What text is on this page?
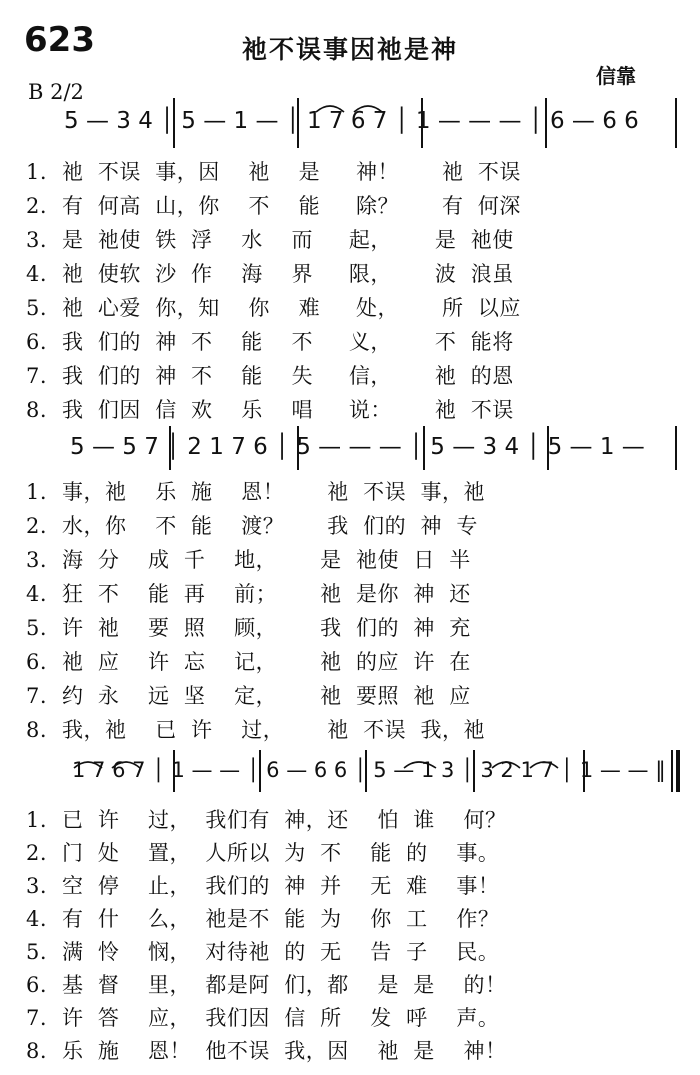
623	祂不误事因祂是神
信靠
B 2/2
5 — 3 4 │ 5 — 1 — │ 1 7 6 7 │ 1 — — — │ 6 — 6 6
1. 祂  不误  事，因    祂    是     神！      祂  不误
2. 有  何高  山，你    不    能     除？      有  何深
3. 是  祂使  铁  浮    水    而     起，      是  祂使
4. 祂  使软  沙  作    海    界     限，      波  浪虽
5. 祂  心爱  你，知    你    难     处，      所  以应
6. 我  们的  神  不    能    不     义，      不  能将
7. 我  们的  神  不    能    失     信，      祂  的恩
8. 我  们因  信  欢    乐    唱     说：      祂  不误
5 — 5 7 │ 2 1 7 6 │ 5 — — — │ 5 — 3 4 │ 5 — 1 —
1. 事，祂    乐  施    恩！      祂  不误  事，祂
2. 水，你    不  能    渡？      我  们的  神  专
3. 海  分    成  千    地，      是  祂使  日  半
4. 狂  不    能  再    前；      祂  是你  神  还
5. 许  祂    要  照    顾，      我  们的  神  充
6. 祂  应    许  忘    记，      祂  的应  许  在
7. 约  永    远  坚    定，      祂  要照  祂  应
8. 我，祂    已  许    过，      祂  不误  我，祂
1 7 6 7 │ 1 — — │ 6 — 6 6 │ 5 — 1 3 │ 3 2 1 7 │ 1 — — ‖
1. 已  许    过，  我们有  神，还    怕  谁    何？
2. 门  处    置，  人所以  为  不    能  的    事。
3. 空  停    止，  我们的  神  并    无  难    事！
4. 有  什    么，  祂是不  能  为    你  工    作？
5. 满  怜    悯，  对待祂  的  无    告  子    民。
6. 基  督    里，  都是阿  们，都    是  是    的！
7. 许  答    应，  我们因  信  所    发  呼    声。
8. 乐  施    恩！  他不误  我，因    祂  是    神！
